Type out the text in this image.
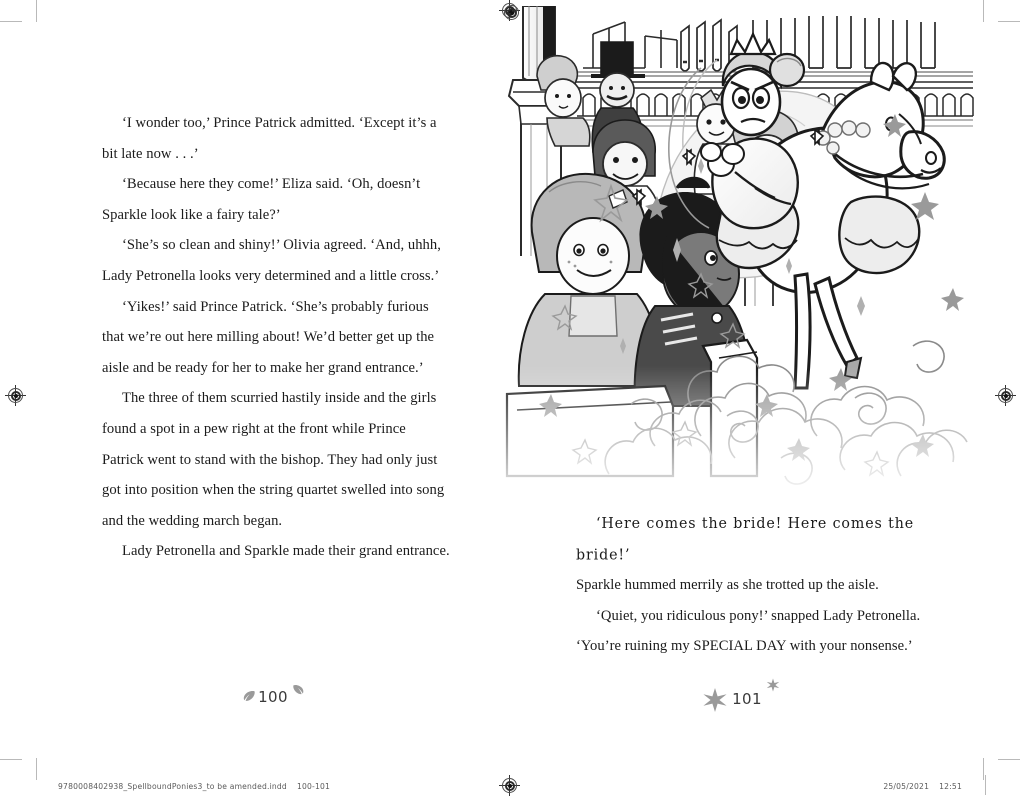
‘I wonder too,’ Prince Patrick admitted. ‘Except it’s a bit late now . . .’

‘Because here they come!’ Eliza said. ‘Oh, doesn’t Sparkle look like a fairy tale?’

‘She’s so clean and shiny!’ Olivia agreed. ‘And, uhhh, Lady Petronella looks very determined and a little cross.’

‘Yikes!’ said Prince Patrick. ‘She’s probably furious that we’re out here milling about! We’d better get up the aisle and be ready for her to make her grand entrance.’

The three of them scurried hastily inside and the girls found a spot in a pew right at the front while Prince Patrick went to stand with the bishop. They had only just got into position when the string quartet swelled into song and the wedding march began.

Lady Petronella and Sparkle made their grand entrance.

100

‘Here comes the bride! Here comes the bride!’

Sparkle hummed merrily as she trotted up the aisle.

‘Quiet, you ridiculous pony!’ snapped Lady Petronella. ‘You’re ruining my SPECIAL DAY with your nonsense.’

101
9780008402938_SpellboundPonies3_to be amended.indd 100-101	25/05/2021 12:51
